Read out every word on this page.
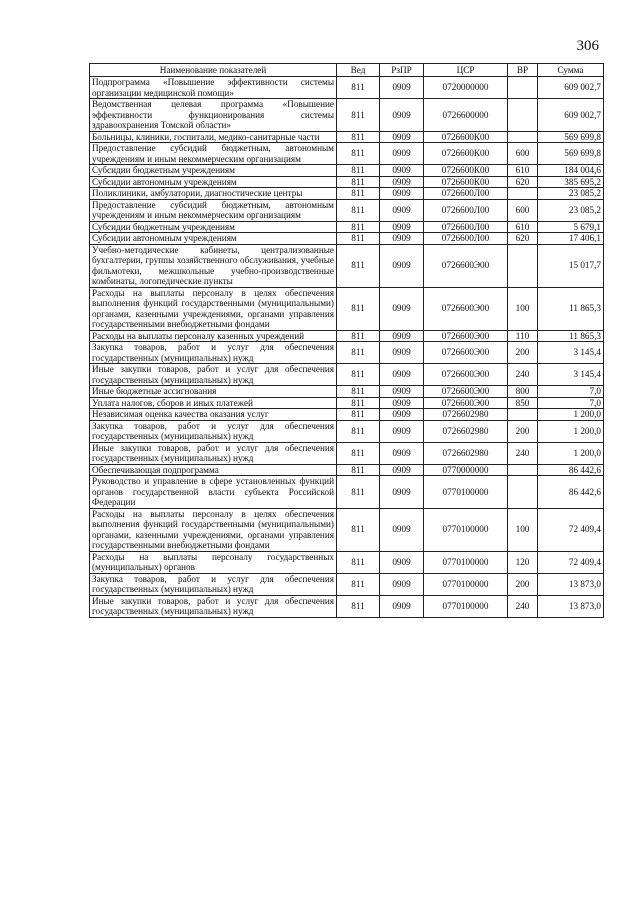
306
Наименование показателей	Вед	РзПР	ЦСР	ВР	Сумма
Подпрограмма «Повышение эффективности системы организации медицинской помощи»	811	0909	0720000000		609 002,7
Ведомственная целевая программа «Повышение эффективности функционирования системы здравоохранения Томской области»	811	0909	0726600000		609 002,7
Больницы, клиники, госпитали, медико-санитарные части	811	0909	0726600К00		569 699,8
Предоставление субсидий бюджетным, автономным учреждениям и иным некоммерческим организациям	811	0909	0726600К00	600	569 699,8
Субсидии бюджетным учреждениям	811	0909	0726600К00	610	184 004,6
Субсидии автономным учреждениям	811	0909	0726600К00	620	385 695,2
Поликлиники, амбулатории, диагностические центры	811	0909	0726600Л00		23 085,2
Предоставление субсидий бюджетным, автономным учреждениям и иным некоммерческим организациям	811	0909	0726600Л00	600	23 085,2
Субсидии бюджетным учреждениям	811	0909	0726600Л00	610	5 679,1
Субсидии автономным учреждениям	811	0909	0726600Л00	620	17 406,1
Учебно-методические кабинеты, централизованные бухгалтерии, группы хозяйственного обслуживания, учебные фильмотеки, межшкольные учебно-производственные комбинаты, логопедические пункты	811	0909	0726600Э00		15 017,7
Расходы на выплаты персоналу в целях обеспечения выполнения функций государственными (муниципальными) органами, казенными учреждениями, органами управления государственными внебюджетными фондами	811	0909	0726600Э00	100	11 865,3
Расходы на выплаты персоналу казенных учреждений	811	0909	0726600Э00	110	11 865,3
Закупка товаров, работ и услуг для обеспечения государственных (муниципальных) нужд	811	0909	0726600Э00	200	3 145,4
Иные закупки товаров, работ и услуг для обеспечения государственных (муниципальных) нужд	811	0909	0726600Э00	240	3 145,4
Иные бюджетные ассигнования	811	0909	0726600Э00	800	7,0
Уплата налогов, сборов и иных платежей	811	0909	0726600Э00	850	7,0
Независимая оценка качества оказания услуг	811	0909	0726602980		1 200,0
Закупка товаров, работ и услуг для обеспечения государственных (муниципальных) нужд	811	0909	0726602980	200	1 200,0
Иные закупки товаров, работ и услуг для обеспечения государственных (муниципальных) нужд	811	0909	0726602980	240	1 200,0
Обеспечивающая подпрограмма	811	0909	0770000000		86 442,6
Руководство и управление в сфере установленных функций органов государственной власти субъекта Российской Федерации	811	0909	0770100000		86 442,6
Расходы на выплаты персоналу в целях обеспечения выполнения функций государственными (муниципальными) органами, казенными учреждениями, органами управления государственными внебюджетными фондами	811	0909	0770100000	100	72 409,4
Расходы на выплаты персоналу государственных (муниципальных) органов	811	0909	0770100000	120	72 409,4
Закупка товаров, работ и услуг для обеспечения государственных (муниципальных) нужд	811	0909	0770100000	200	13 873,0
Иные закупки товаров, работ и услуг для обеспечения государственных (муниципальных) нужд	811	0909	0770100000	240	13 873,0
